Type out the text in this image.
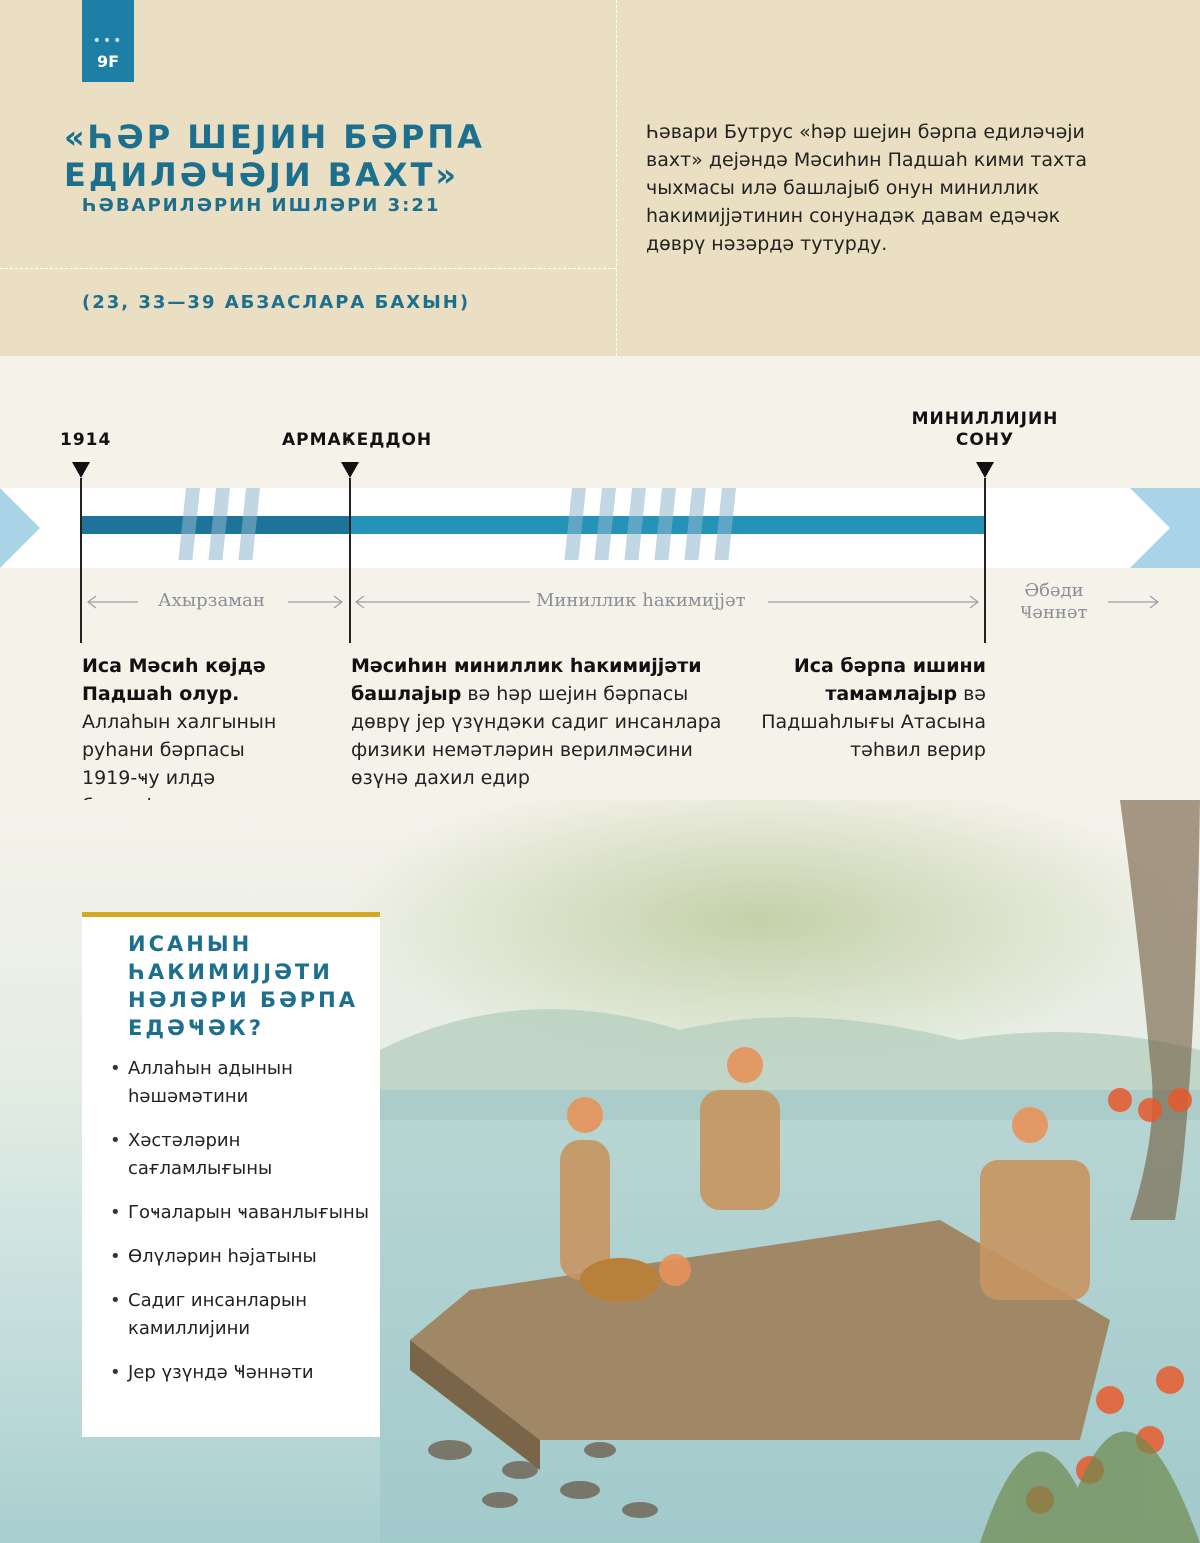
•••
9F
«ҺӘР ШЕЈИН БӘРПА ЕДИЛӘЧӘЈИ ВАХТ»
ҺӘВАРИЛӘРИН ИШЛӘРИ 3:21
(23, 33—39 АБЗАСЛАРА БАХЫН)
Һәвари Бутрус «һәр шејин бәрпа едиләчәји вахт» дејәндә Мәсиһин Падшаһ кими тахта чыхмасы илә башлајыб онун миниллик һакимијјәтинин сонунадәк давам едәчәк дөврү нәзәрдә тутурду.
1914	АРМАҜЕДДОН
МИНИЛЛИЈИН СОНУ
Ахырзаман	Миниллик һакимијјәт	Әбәди Ҹәннәт
Иса Мәсиһ көјдә Падшаһ олур.
Аллаһын халгынын руһани бәрпасы 1919-ҹу илдә
Мәсиһин миниллик һакимијјәти башлајыр вә һәр шејин бәрпасы дөврү јер үзүндәки садиг инсанлара физики немәтләрин верилмәсини өзүнә дахил едир
Иса бәрпа ишини тамамлајыр вә Падшаһлығы Атасына тәһвил верир
ИСАНЫН ҺАКИМИЈЈӘТИ НӘЛӘРИ БӘРПА ЕДӘҸӘК?
• Аллаһын адынын һәшәмәтини
• Хәстәләрин сағламлығыны
• Гоҹаларын ҹаванлығыны
• Өлүләрин һәјатыны
• Садиг инсанларын камиллијини
• Јер үзүндә Ҹәннәти
